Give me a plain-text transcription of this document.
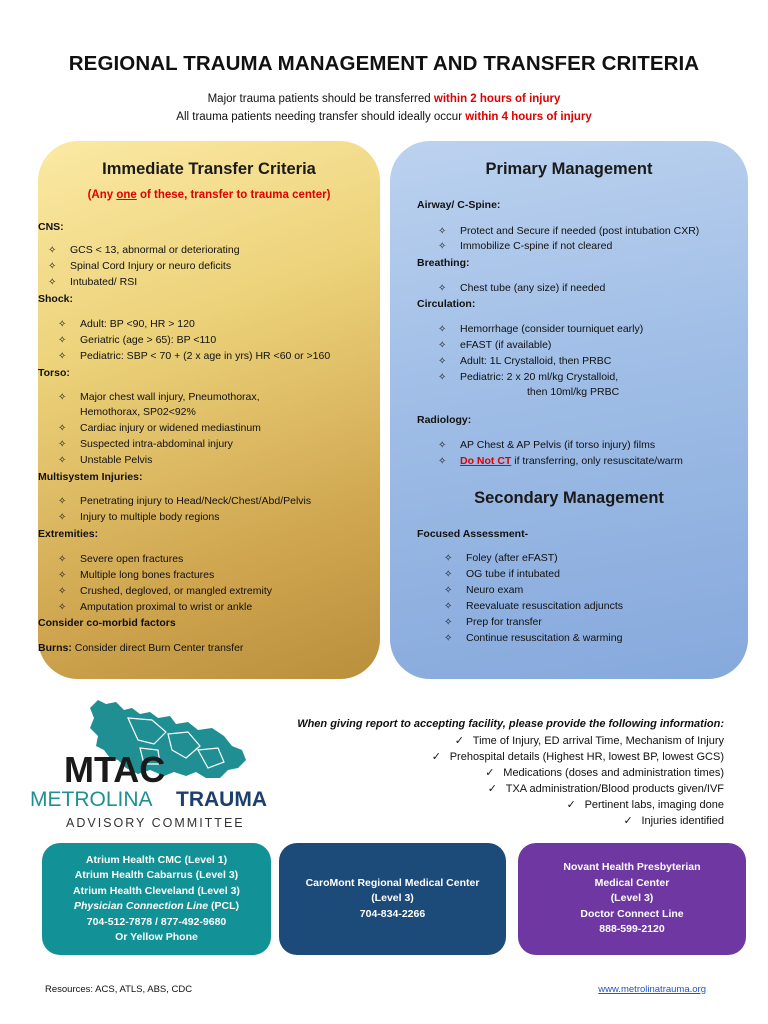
REGIONAL TRAUMA MANAGEMENT AND TRANSFER CRITERIA
Major trauma patients should be transferred within 2 hours of injury
All trauma patients needing transfer should ideally occur within 4 hours of injury
Immediate Transfer Criteria
(Any one of these, transfer to trauma center)
CNS:
✧ GCS < 13, abnormal or deteriorating
✧ Spinal Cord Injury or neuro deficits
✧ Intubated/ RSI
Shock:
✧ Adult: BP <90, HR > 120
✧ Geriatric (age > 65): BP <110
✧ Pediatric: SBP < 70 + (2 x age in yrs) HR <60 or >160
Torso:
✧ Major chest wall injury, Pneumothorax,
Hemothorax, SP02<92%
✧ Cardiac injury or widened mediastinum
✧ Suspected intra-abdominal injury
✧ Unstable Pelvis
Multisystem Injuries:
✧ Penetrating injury to Head/Neck/Chest/Abd/Pelvis
✧ Injury to multiple body regions
Extremities:
✧ Severe open fractures
✧ Multiple long bones fractures
✧ Crushed, degloved, or mangled extremity
✧ Amputation proximal to wrist or ankle
Consider co-morbid factors
Burns: Consider direct Burn Center transfer
Primary Management
Airway/ C-Spine:
✧ Protect and Secure if needed (post intubation CXR)
✧ Immobilize C-spine if not cleared
Breathing:
✧ Chest tube (any size) if needed
Circulation:
✧ Hemorrhage (consider tourniquet early)
✧ eFAST (if available)
✧ Adult: 1L Crystalloid, then PRBC
✧ Pediatric: 2 x 20 ml/kg Crystalloid,
then 10ml/kg PRBC
Radiology:
✧ AP Chest & AP Pelvis (if torso injury) films
✧ Do Not CT if transferring, only resuscitate/warm
Secondary Management
Focused Assessment-
✧ Foley (after eFAST)
✧ OG tube if intubated
✧ Neuro exam
✧ Reevaluate resuscitation adjuncts
✧ Prep for transfer
✧ Continue resuscitation & warming
MTAC
METROLINA TRAUMA
ADVISORY COMMITTEE
When giving report to accepting facility, please provide the following information:
✓ Time of Injury, ED arrival Time, Mechanism of Injury
✓ Prehospital details (Highest HR, lowest BP, lowest GCS)
✓ Medications (doses and administration times)
✓ TXA administration/Blood products given/IVF
✓ Pertinent labs, imaging done
✓ Injuries identified
Atrium Health CMC (Level 1)
Atrium Health Cabarrus (Level 3)
Atrium Health Cleveland (Level 3)
Physician Connection Line (PCL)
704-512-7878 / 877-492-9680
Or Yellow Phone
CaroMont Regional Medical Center
(Level 3)
704-834-2266
Novant Health Presbyterian
Medical Center
(Level 3)
Doctor Connect Line
888-599-2120
Resources: ACS, ATLS, ABS, CDC	www.metrolinatrauma.org
